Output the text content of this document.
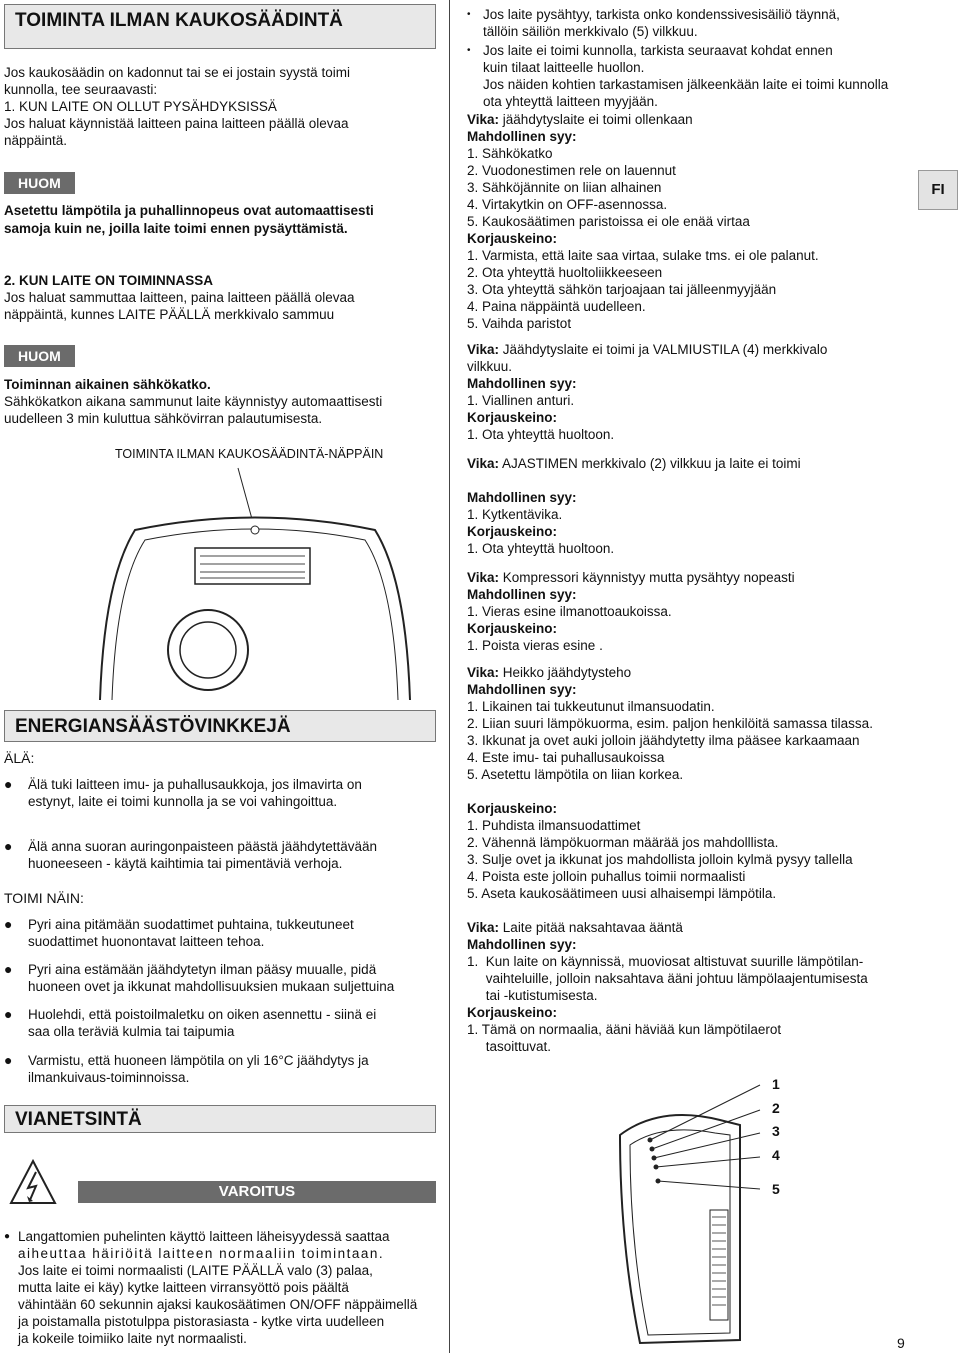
TOIMINTA ILMAN KAUKOSÄÄDINTÄ
Jos kaukosäädin on kadonnut tai se ei jostain syystä toimi
kunnolla, tee seuraavasti:
1. KUN LAITE ON OLLUT PYSÄHDYKSISSÄ
Jos haluat käynnistää laitteen paina laitteen päällä olevaa
näppäintä.
HUOM
Asetettu lämpötila ja puhallinnopeus ovat automaattisesti
samoja kuin ne, joilla laite toimi ennen pysäyttämistä.
2. KUN LAITE ON TOIMINNASSA
Jos haluat sammuttaa laitteen, paina laitteen päällä olevaa
näppäintä, kunnes LAITE PÄÄLLÄ merkkivalo sammuu
HUOM
Toiminnan aikainen sähkökatko.
Sähkökatkon aikana sammunut laite käynnistyy automaattisesti
uudelleen 3 min kuluttua sähkövirran palautumisesta.
TOIMINTA ILMAN KAUKOSÄÄDINTÄ-NÄPPÄIN
ENERGIANSÄÄSTÖVINKKEJÄ
ÄLÄ:
● Älä tuki laitteen imu- ja puhallusaukkoja, jos ilmavirta on
estynyt, laite ei toimi kunnolla ja se voi vahingoittua.
● Älä anna suoran auringonpaisteen päästä jäähdytettävään
huoneeseen - käytä kaihtimia tai pimentäviä verhoja.
TOIMI NÄIN:
● Pyri aina pitämään suodattimet puhtaina, tukkeutuneet
suodattimet huonontavat laitteen tehoa.
● Pyri aina estämään jäähdytetyn ilman pääsy muualle, pidä
huoneen ovet ja ikkunat mahdollisuuksien mukaan suljettuina
● Huolehdi, että poistoilmaletku on oiken asennettu - siinä ei
saa olla teräviä kulmia tai taipumia
● Varmistu, että huoneen lämpötila on yli 16°C jäähdytys ja
ilmankuivaus-toiminnoissa.
VIANETSINTÄ
VAROITUS
● Langattomien puhelinten käyttö laitteen läheisyydessä saattaa
aiheuttaa häiriöitä laitteen normaaliin toimintaan.
Jos laite ei toimi normaalisti (LAITE PÄÄLLÄ valo (3) palaa,
mutta laite ei käy) kytke laitteen virransyöttö pois päältä
vähintään 60 sekunnin ajaksi kaukosäätimen ON/OFF näppäimellä
ja poistamalla pistotulppa pistorasiasta - kytke virta uudelleen
ja kokeile toimiiko laite nyt normaalisti.
• Jos laite pysähtyy, tarkista onko kondenssivesisäiliö täynnä,
tällöin säiliön merkkivalo (5) vilkkuu.
• Jos laite ei toimi kunnolla, tarkista seuraavat kohdat ennen
kuin tilaat laitteelle huollon.
Jos näiden kohtien tarkastamisen jälkeenkään laite ei toimi kunnolla
ota yhteyttä laitteen myyjään.
Vika: jäähdytyslaite ei toimi ollenkaan
Mahdollinen syy:
1. Sähkökatko
2. Vuodonestimen rele on lauennut
3. Sähköjännite on liian alhainen
4. Virtakytkin on OFF-asennossa.
5. Kaukosäätimen paristoissa ei ole enää virtaa
Korjauskeino:
1. Varmista, että laite saa virtaa, sulake tms. ei ole palanut.
2. Ota yhteyttä huoltoliikkeeseen
3. Ota yhteyttä sähkön tarjoajaan tai jälleenmyyjään
4. Paina näppäintä uudelleen.
5. Vaihda paristot
Vika: Jäähdytyslaite ei toimi ja VALMIUSTILA (4) merkkivalo
vilkkuu.
Mahdollinen syy:
1. Viallinen anturi.
Korjauskeino:
1. Ota yhteyttä huoltoon.
Vika: AJASTIMEN merkkivalo (2) vilkkuu ja laite ei toimi
Mahdollinen syy:
1. Kytkentävika.
Korjauskeino:
1. Ota yhteyttä huoltoon.
Vika: Kompressori käynnistyy mutta pysähtyy nopeasti
Mahdollinen syy:
1. Vieras esine ilmanottoaukoissa.
Korjauskeino:
1. Poista vieras esine .
Vika: Heikko jäähdytysteho
Mahdollinen syy:
1. Likainen tai tukkeutunut ilmansuodatin.
2. Liian suuri lämpökuorma, esim. paljon henkilöitä samassa tilassa.
3. Ikkunat ja ovet auki jolloin jäähdytetty ilma pääsee karkaamaan
4. Este imu- tai puhallusaukoissa
5. Asetettu lämpötila on liian korkea.
Korjauskeino:
1. Puhdista ilmansuodattimet
2. Vähennä lämpökuorman määrää jos mahdolllista.
3. Sulje ovet ja ikkunat jos mahdollista jolloin kylmä pysyy tallella
4. Poista este jolloin puhallus toimii normaalisti
5. Aseta kaukosäätimeen uusi alhaisempi lämpötila.
Vika: Laite pitää naksahtavaa ääntä
Mahdollinen syy:
1.  Kun laite on käynnissä, muoviosat altistuvat suurille lämpötilan-
vaihteluille, jolloin naksahtava ääni johtuu lämpölaajentumisesta
tai -kutistumisesta.
Korjauskeino:
1. Tämä on normaalia, ääni häviää kun lämpötilaerot
tasoittuvat.
FI
1
2
3
4
5
9
